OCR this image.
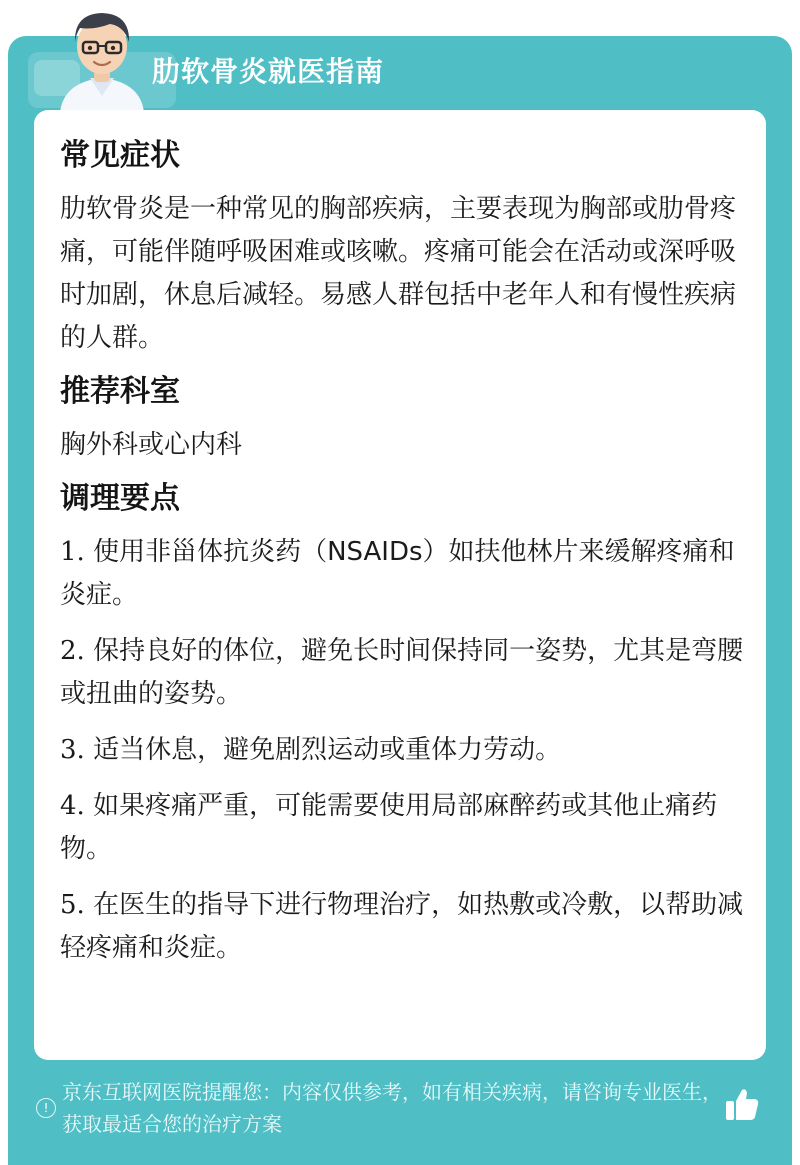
肋软骨炎就医指南
常见症状
肋软骨炎是一种常见的胸部疾病，主要表现为胸部或肋骨疼痛，可能伴随呼吸困难或咳嗽。疼痛可能会在活动或深呼吸时加剧，休息后减轻。易感人群包括中老年人和有慢性疾病的人群。
推荐科室
胸外科或心内科
调理要点
1. 使用非甾体抗炎药（NSAIDs）如扶他林片来缓解疼痛和炎症。
2. 保持良好的体位，避免长时间保持同一姿势，尤其是弯腰或扭曲的姿势。
3. 适当休息，避免剧烈运动或重体力劳动。
4. 如果疼痛严重，可能需要使用局部麻醉药或其他止痛药物。
5. 在医生的指导下进行物理治疗，如热敷或冷敷，以帮助减轻疼痛和炎症。
!
京东互联网医院提醒您：内容仅供参考，如有相关疾病，请咨询专业医生，获取最适合您的治疗方案
